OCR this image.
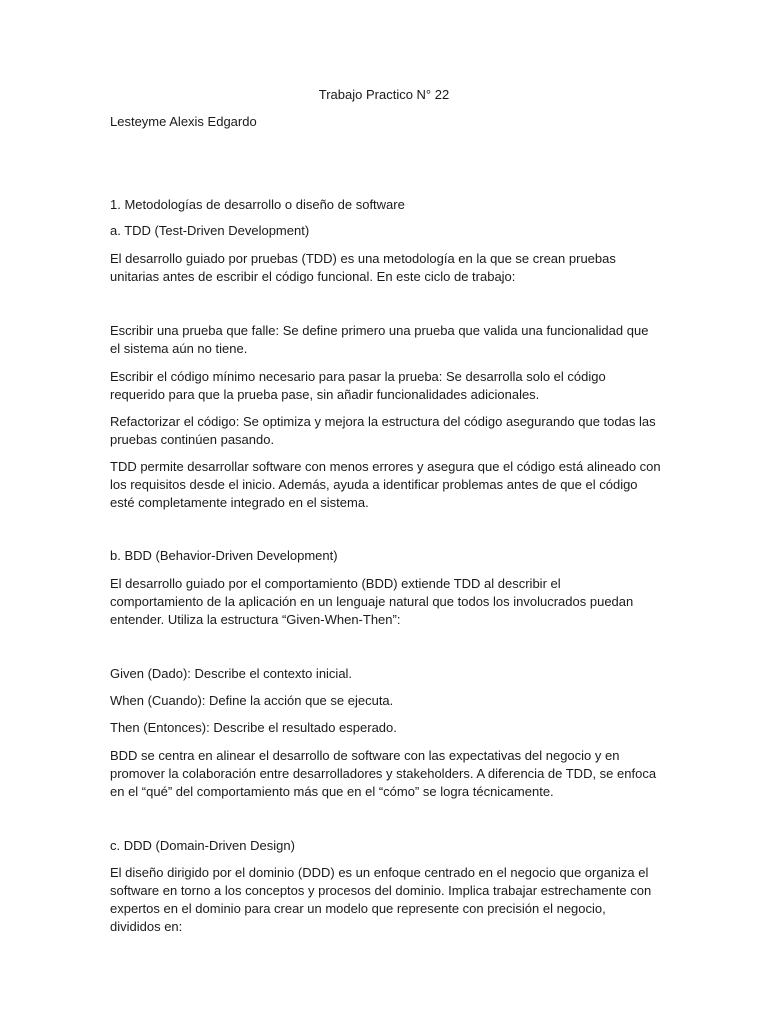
Trabajo Practico N° 22

Lesteyme Alexis Edgardo

1. Metodologías de desarrollo o diseño de software

a. TDD (Test-Driven Development)

El desarrollo guiado por pruebas (TDD) es una metodología en la que se crean pruebas

unitarias antes de escribir el código funcional. En este ciclo de trabajo:

Escribir una prueba que falle: Se define primero una prueba que valida una funcionalidad que

el sistema aún no tiene.

Escribir el código mínimo necesario para pasar la prueba: Se desarrolla solo el código

requerido para que la prueba pase, sin añadir funcionalidades adicionales.

Refactorizar el código: Se optimiza y mejora la estructura del código asegurando que todas las

pruebas continúen pasando.

TDD permite desarrollar software con menos errores y asegura que el código está alineado con

los requisitos desde el inicio. Además, ayuda a identificar problemas antes de que el código

esté completamente integrado en el sistema.

b. BDD (Behavior-Driven Development)

El desarrollo guiado por el comportamiento (BDD) extiende TDD al describir el

comportamiento de la aplicación en un lenguaje natural que todos los involucrados puedan

entender. Utiliza la estructura “Given-When-Then”:

Given (Dado): Describe el contexto inicial.

When (Cuando): Define la acción que se ejecuta.

Then (Entonces): Describe el resultado esperado.

BDD se centra en alinear el desarrollo de software con las expectativas del negocio y en

promover la colaboración entre desarrolladores y stakeholders. A diferencia de TDD, se enfoca

en el “qué” del comportamiento más que en el “cómo” se logra técnicamente.

c. DDD (Domain-Driven Design)

El diseño dirigido por el dominio (DDD) es un enfoque centrado en el negocio que organiza el

software en torno a los conceptos y procesos del dominio. Implica trabajar estrechamente con

expertos en el dominio para crear un modelo que represente con precisión el negocio,

divididos en:
